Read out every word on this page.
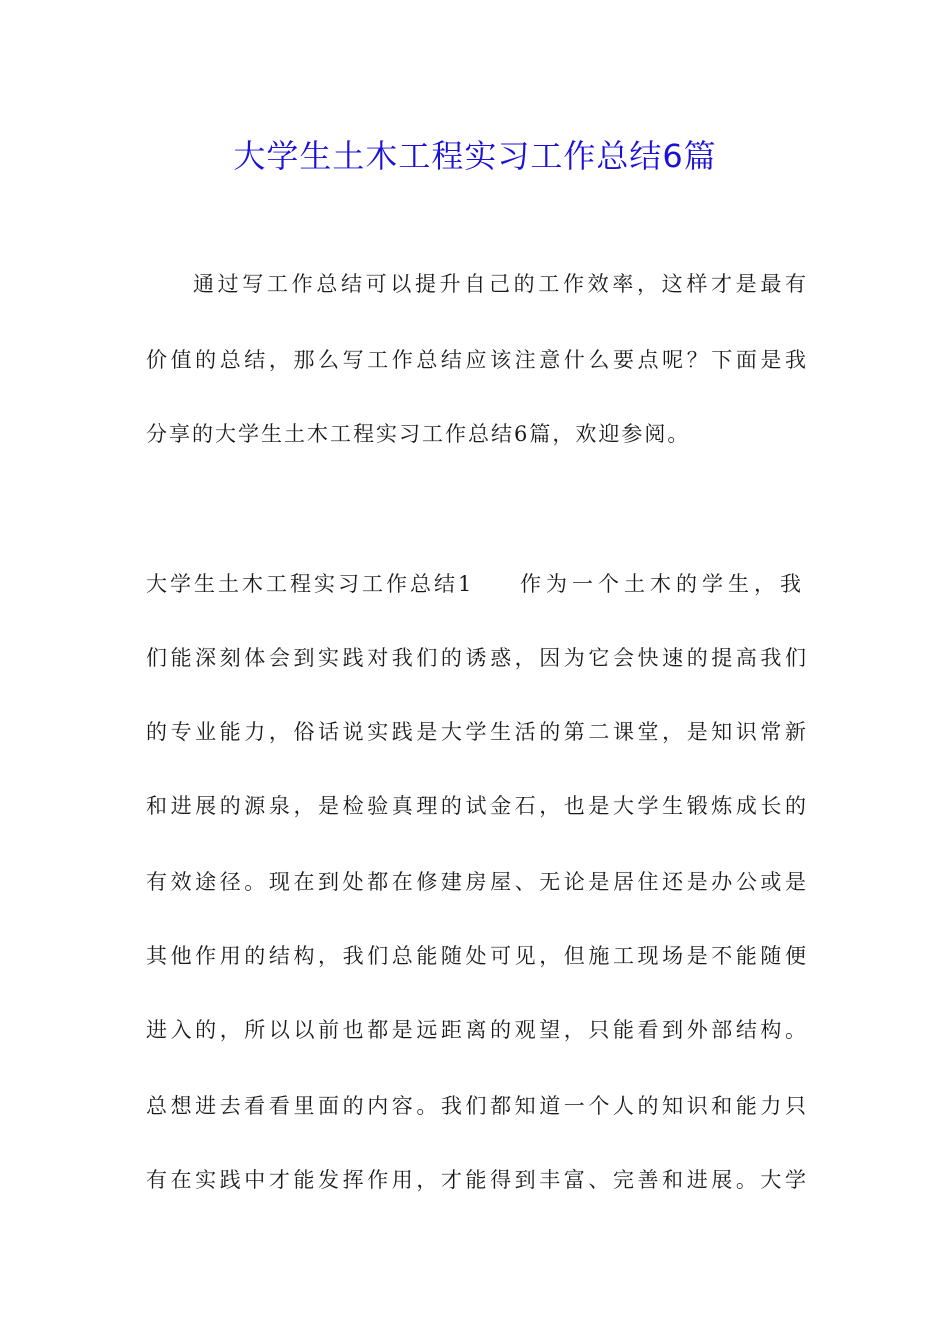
大学生土木工程实习工作总结6篇

通过写工作总结可以提升自己的工作效率，这样才是最有

价值的总结，那么写工作总结应该注意什么要点呢？下面是我

分享的大学生土木工程实习工作总结6篇，欢迎参阅。

大学生土木工程实习工作总结1 作为一个土木的学生，我

们能深刻体会到实践对我们的诱惑，因为它会快速的提高我们

的专业能力，俗话说实践是大学生活的第二课堂，是知识常新

和进展的源泉，是检验真理的试金石，也是大学生锻炼成长的

有效途径。现在到处都在修建房屋、无论是居住还是办公或是

其他作用的结构，我们总能随处可见，但施工现场是不能随便

进入的，所以以前也都是远距离的观望，只能看到外部结构。

总想进去看看里面的内容。我们都知道一个人的知识和能力只

有在实践中才能发挥作用，才能得到丰富、完善和进展。大学
